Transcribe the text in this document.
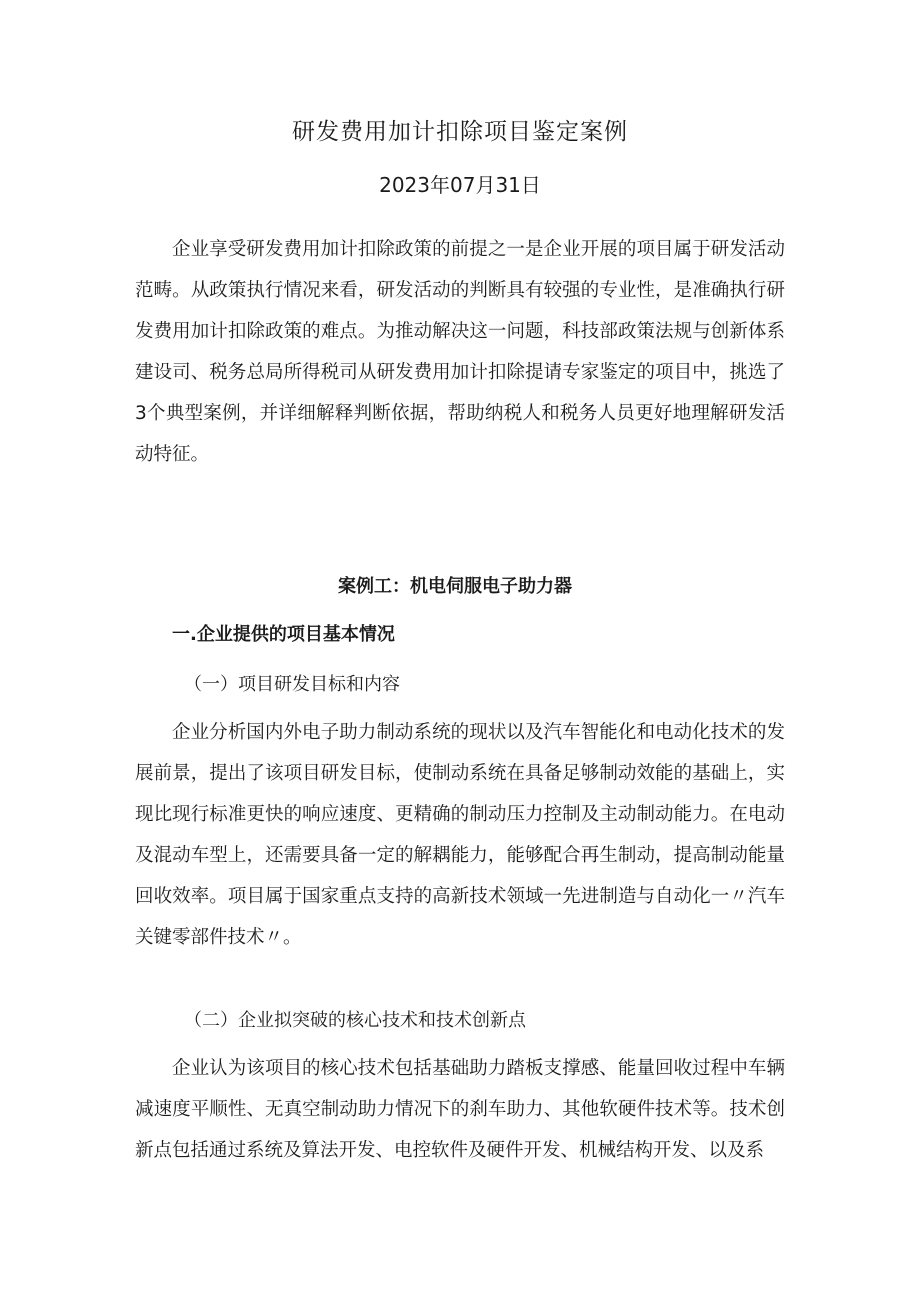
研发费用加计扣除项目鉴定案例
2023年07月31日

企业享受研发费用加计扣除政策的前提之一是企业开展的项目属于研发活动范畴。从政策执行情况来看，研发活动的判断具有较强的专业性，是准确执行研发费用加计扣除政策的难点。为推动解决这一问题，科技部政策法规与创新体系建设司、税务总局所得税司从研发费用加计扣除提请专家鉴定的项目中，挑选了3个典型案例，并详细解释判断依据，帮助纳税人和税务人员更好地理解研发活动特征。

案例工：机电伺服电子助力器
一.企业提供的项目基本情况
（一）项目研发目标和内容

企业分析国内外电子助力制动系统的现状以及汽车智能化和电动化技术的发展前景，提出了该项目研发目标，使制动系统在具备足够制动效能的基础上，实现比现行标准更快的响应速度、更精确的制动压力控制及主动制动能力。在电动及混动车型上，还需要具备一定的解耦能力，能够配合再生制动，提高制动能量回收效率。项目属于国家重点支持的高新技术领域一先进制造与自动化一〃汽车关键零部件技术〃。

（二）企业拟突破的核心技术和技术创新点

企业认为该项目的核心技术包括基础助力踏板支撑感、能量回收过程中车辆减速度平顺性、无真空制动助力情况下的刹车助力、其他软硬件技术等。技术创新点包括通过系统及算法开发、电控软件及硬件开发、机械结构开发、以及系
